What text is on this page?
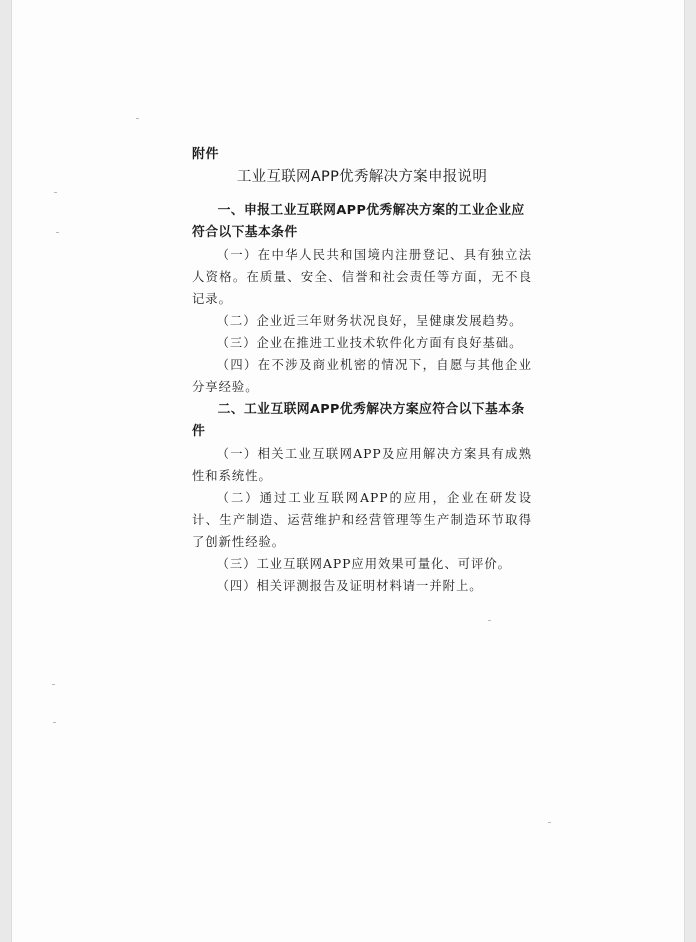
附件
工业互联网APP优秀解决方案申报说明
一、申报工业互联网APP优秀解决方案的工业企业应符合以下基本条件

（一）在中华人民共和国境内注册登记、具有独立法人资格。在质量、安全、信誉和社会责任等方面，无不良记录。

（二）企业近三年财务状况良好，呈健康发展趋势。

（三）企业在推进工业技术软件化方面有良好基础。

（四）在不涉及商业机密的情况下，自愿与其他企业分享经验。

二、工业互联网APP优秀解决方案应符合以下基本条件

（一）相关工业互联网APP及应用解决方案具有成熟性和系统性。

（二）通过工业互联网APP的应用，企业在研发设计、生产制造、运营维护和经营管理等生产制造环节取得了创新性经验。

（三）工业互联网APP应用效果可量化、可评价。

（四）相关评测报告及证明材料请一并附上。
